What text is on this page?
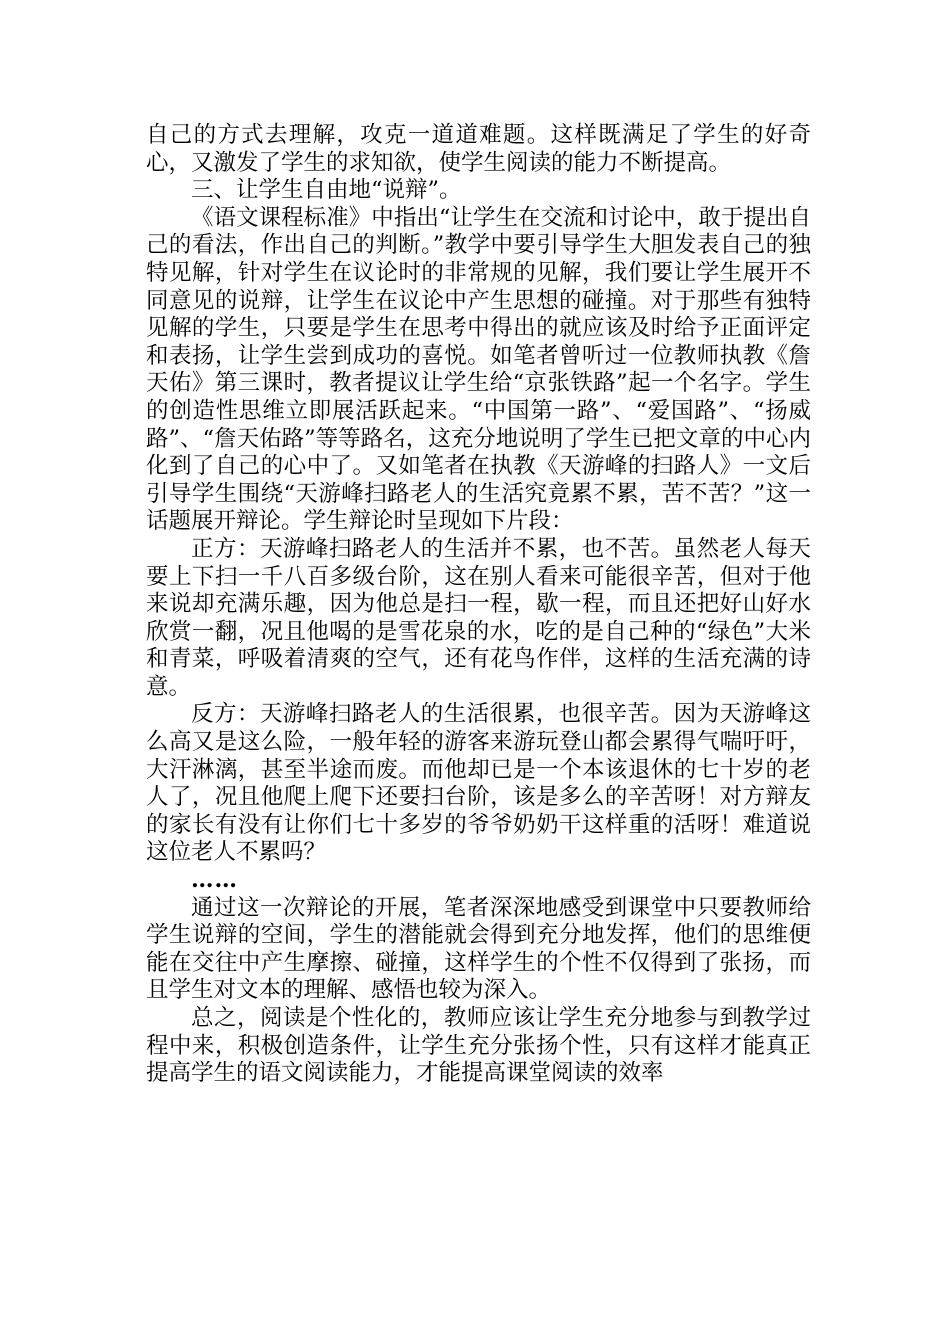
自己的方式去理解，攻克一道道难题。这样既满足了学生的好奇心，又激发了学生的求知欲，使学生阅读的能力不断提高。

三、让学生自由地“说辩”。

《语文课程标准》中指出“让学生在交流和讨论中，敢于提出自己的看法，作出自己的判断。”教学中要引导学生大胆发表自己的独特见解，针对学生在议论时的非常规的见解，我们要让学生展开不同意见的说辩，让学生在议论中产生思想的碰撞。对于那些有独特见解的学生，只要是学生在思考中得出的就应该及时给予正面评定和表扬，让学生尝到成功的喜悦。如笔者曾听过一位教师执教《詹天佑》第三课时，教者提议让学生给“京张铁路”起一个名字。学生的创造性思维立即展活跃起来。“中国第一路”、“爱国路”、“扬威路”、“詹天佑路”等等路名，这充分地说明了学生已把文章的中心内化到了自己的心中了。又如笔者在执教《天游峰的扫路人》一文后引导学生围绕“天游峰扫路老人的生活究竟累不累，苦不苦？”这一话题展开辩论。学生辩论时呈现如下片段：

正方：天游峰扫路老人的生活并不累，也不苦。虽然老人每天要上下扫一千八百多级台阶，这在别人看来可能很辛苦，但对于他来说却充满乐趣，因为他总是扫一程，歇一程，而且还把好山好水欣赏一翻，况且他喝的是雪花泉的水，吃的是自己种的“绿色”大米和青菜，呼吸着清爽的空气，还有花鸟作伴，这样的生活充满的诗意。

反方：天游峰扫路老人的生活很累，也很辛苦。因为天游峰这么高又是这么险，一般年轻的游客来游玩登山都会累得气喘吁吁，大汗淋漓，甚至半途而废。而他却已是一个本该退休的七十岁的老人了，况且他爬上爬下还要扫台阶，该是多么的辛苦呀！对方辩友的家长有没有让你们七十多岁的爷爷奶奶干这样重的活呀！难道说这位老人不累吗？

……

通过这一次辩论的开展，笔者深深地感受到课堂中只要教师给学生说辩的空间，学生的潜能就会得到充分地发挥，他们的思维便能在交往中产生摩擦、碰撞，这样学生的个性不仅得到了张扬，而且学生对文本的理解、感悟也较为深入。

总之，阅读是个性化的，教师应该让学生充分地参与到教学过程中来，积极创造条件，让学生充分张扬个性，只有这样才能真正提高学生的语文阅读能力，才能提高课堂阅读的效率
